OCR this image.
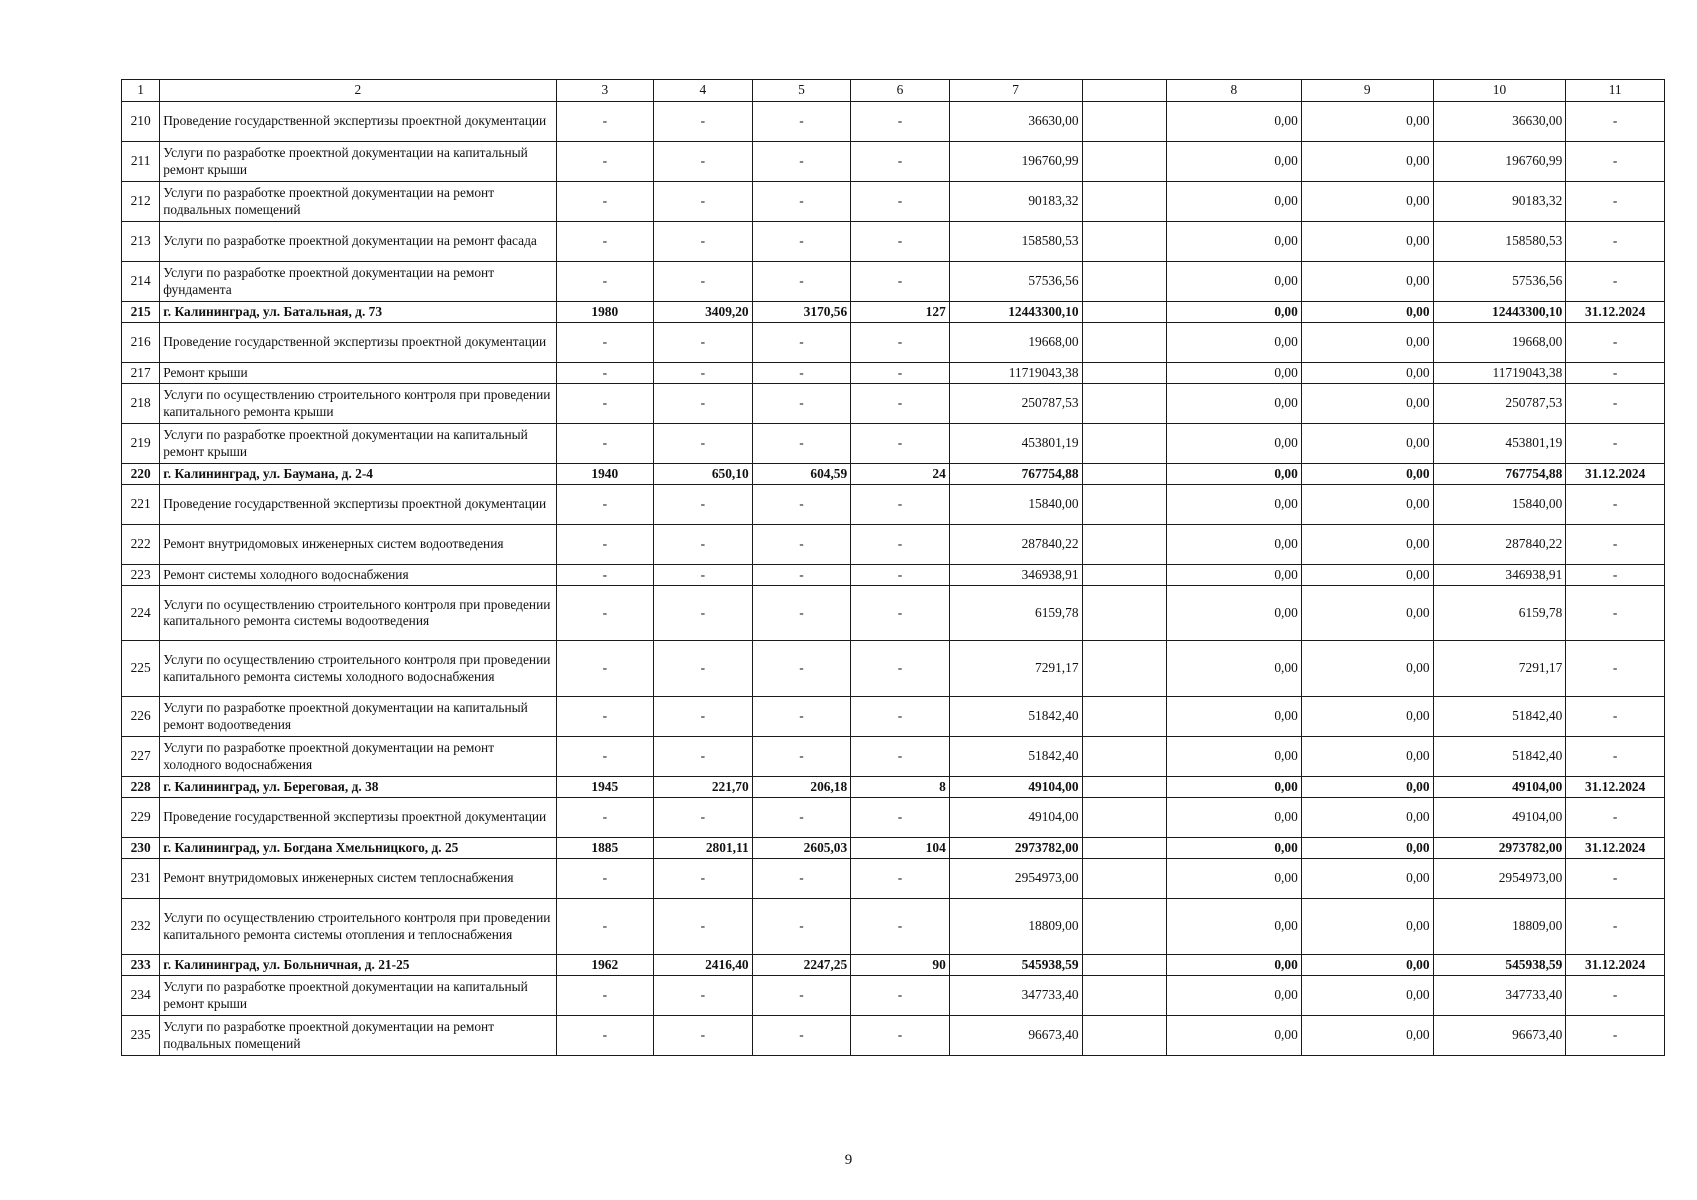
1	2	3	4	5	6	7		8	9	10	11
210	Проведение государственной экспертизы проектной документации	-	-	-	-	36630,00		0,00	0,00	36630,00	-
211	Услуги по разработке проектной документации на капитальный ремонт крыши	-	-	-	-	196760,99		0,00	0,00	196760,99	-
212	Услуги по разработке проектной документации на ремонт подвальных помещений	-	-	-	-	90183,32		0,00	0,00	90183,32	-
213	Услуги по разработке проектной документации на ремонт фасада	-	-	-	-	158580,53		0,00	0,00	158580,53	-
214	Услуги по разработке проектной документации на ремонт фундамента	-	-	-	-	57536,56		0,00	0,00	57536,56	-
215	г. Калининград, ул. Батальная, д. 73	1980	3409,20	3170,56	127	12443300,10		0,00	0,00	12443300,10	31.12.2024
216	Проведение государственной экспертизы проектной документации	-	-	-	-	19668,00		0,00	0,00	19668,00	-
217	Ремонт крыши	-	-	-	-	11719043,38		0,00	0,00	11719043,38	-
218	Услуги по осуществлению строительного контроля при проведении капитального ремонта крыши	-	-	-	-	250787,53		0,00	0,00	250787,53	-
219	Услуги по разработке проектной документации на капитальный ремонт крыши	-	-	-	-	453801,19		0,00	0,00	453801,19	-
220	г. Калининград, ул. Баумана, д. 2-4	1940	650,10	604,59	24	767754,88		0,00	0,00	767754,88	31.12.2024
221	Проведение государственной экспертизы проектной документации	-	-	-	-	15840,00		0,00	0,00	15840,00	-
222	Ремонт внутридомовых инженерных систем водоотведения	-	-	-	-	287840,22		0,00	0,00	287840,22	-
223	Ремонт системы холодного водоснабжения	-	-	-	-	346938,91		0,00	0,00	346938,91	-
224	Услуги по осуществлению строительного контроля при проведении капитального ремонта системы водоотведения	-	-	-	-	6159,78		0,00	0,00	6159,78	-
225	Услуги по осуществлению строительного контроля при проведении капитального ремонта системы холодного водоснабжения	-	-	-	-	7291,17		0,00	0,00	7291,17	-
226	Услуги по разработке проектной документации на капитальный ремонт водоотведения	-	-	-	-	51842,40		0,00	0,00	51842,40	-
227	Услуги по разработке проектной документации на ремонт холодного водоснабжения	-	-	-	-	51842,40		0,00	0,00	51842,40	-
228	г. Калининград, ул. Береговая, д. 38	1945	221,70	206,18	8	49104,00		0,00	0,00	49104,00	31.12.2024
229	Проведение государственной экспертизы проектной документации	-	-	-	-	49104,00		0,00	0,00	49104,00	-
230	г. Калининград, ул. Богдана Хмельницкого, д. 25	1885	2801,11	2605,03	104	2973782,00		0,00	0,00	2973782,00	31.12.2024
231	Ремонт внутридомовых инженерных систем теплоснабжения	-	-	-	-	2954973,00		0,00	0,00	2954973,00	-
232	Услуги по осуществлению строительного контроля при проведении капитального ремонта системы отопления и теплоснабжения	-	-	-	-	18809,00		0,00	0,00	18809,00	-
233	г. Калининград, ул. Больничная, д. 21-25	1962	2416,40	2247,25	90	545938,59		0,00	0,00	545938,59	31.12.2024
234	Услуги по разработке проектной документации на капитальный ремонт крыши	-	-	-	-	347733,40		0,00	0,00	347733,40	-
235	Услуги по разработке проектной документации на ремонт подвальных помещений	-	-	-	-	96673,40		0,00	0,00	96673,40	-
9
